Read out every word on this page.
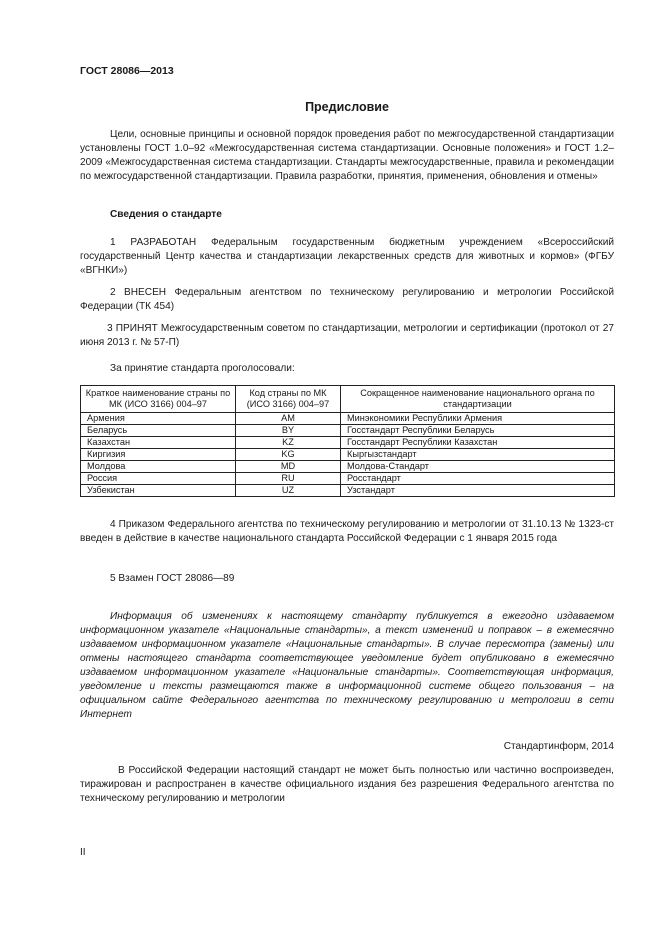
ГОСТ 28086—2013
Предисловие

Цели, основные принципы и основной порядок проведения работ по межгосударственной стандартизации установлены ГОСТ 1.0–92 «Межгосударственная система стандартизации. Основные положения» и ГОСТ 1.2–2009 «Межгосударственная система стандартизации. Стандарты межгосударственные, правила и рекомендации по межгосударственной стандартизации. Правила разработки, принятия, применения, обновления и отмены»

Сведения о стандарте

1 РАЗРАБОТАН Федеральным государственным бюджетным учреждением «Всероссийский государственный Центр качества и стандартизации лекарственных средств для животных и кормов» (ФГБУ «ВГНКИ»)

2 ВНЕСЕН Федеральным агентством по техническому регулированию и метрологии Российской Федерации (ТК 454)

3 ПРИНЯТ Межгосударственным советом по стандартизации, метрологии и сертификации (протокол от 27 июня 2013 г. № 57-П)

За принятие стандарта проголосовали:

Краткое наименование страны по МК (ИСО 3166) 004–97	Код страны по МК (ИСО 3166) 004–97	Сокращенное наименование национального органа по стандартизации
Армения	AM	Минэкономики Республики Армения
Беларусь	BY	Госстандарт Республики Беларусь
Казахстан	KZ	Госстандарт Республики Казахстан
Киргизия	KG	Кыргызстандарт
Молдова	MD	Молдова-Стандарт
Россия	RU	Росстандарт
Узбекистан	UZ	Узстандарт

4 Приказом Федерального агентства по техническому регулированию и метрологии от 31.10.13 № 1323-ст введен в действие в качестве национального стандарта Российской Федерации с 1 января 2015 года

5 Взамен ГОСТ 28086—89

Информация об изменениях к настоящему стандарту публикуется в ежегодно издаваемом информационном указателе «Национальные стандарты», а текст изменений и поправок – в ежемесячно издаваемом информационном указателе «Национальные стандарты». В случае пересмотра (замены) или отмены настоящего стандарта соответствующее уведомление будет опубликовано в ежемесячно издаваемом информационном указателе «Национальные стандарты». Соответствующая информация, уведомление и тексты размещаются также в информационной системе общего пользования – на официальном сайте Федерального агентства по техническому регулированию и метрологии в сети Интернет

Стандартинформ, 2014

В Российской Федерации настоящий стандарт не может быть полностью или частично воспроизведен, тиражирован и распространен в качестве официального издания без разрешения Федерального агентства по техническому регулированию и метрологии

II
